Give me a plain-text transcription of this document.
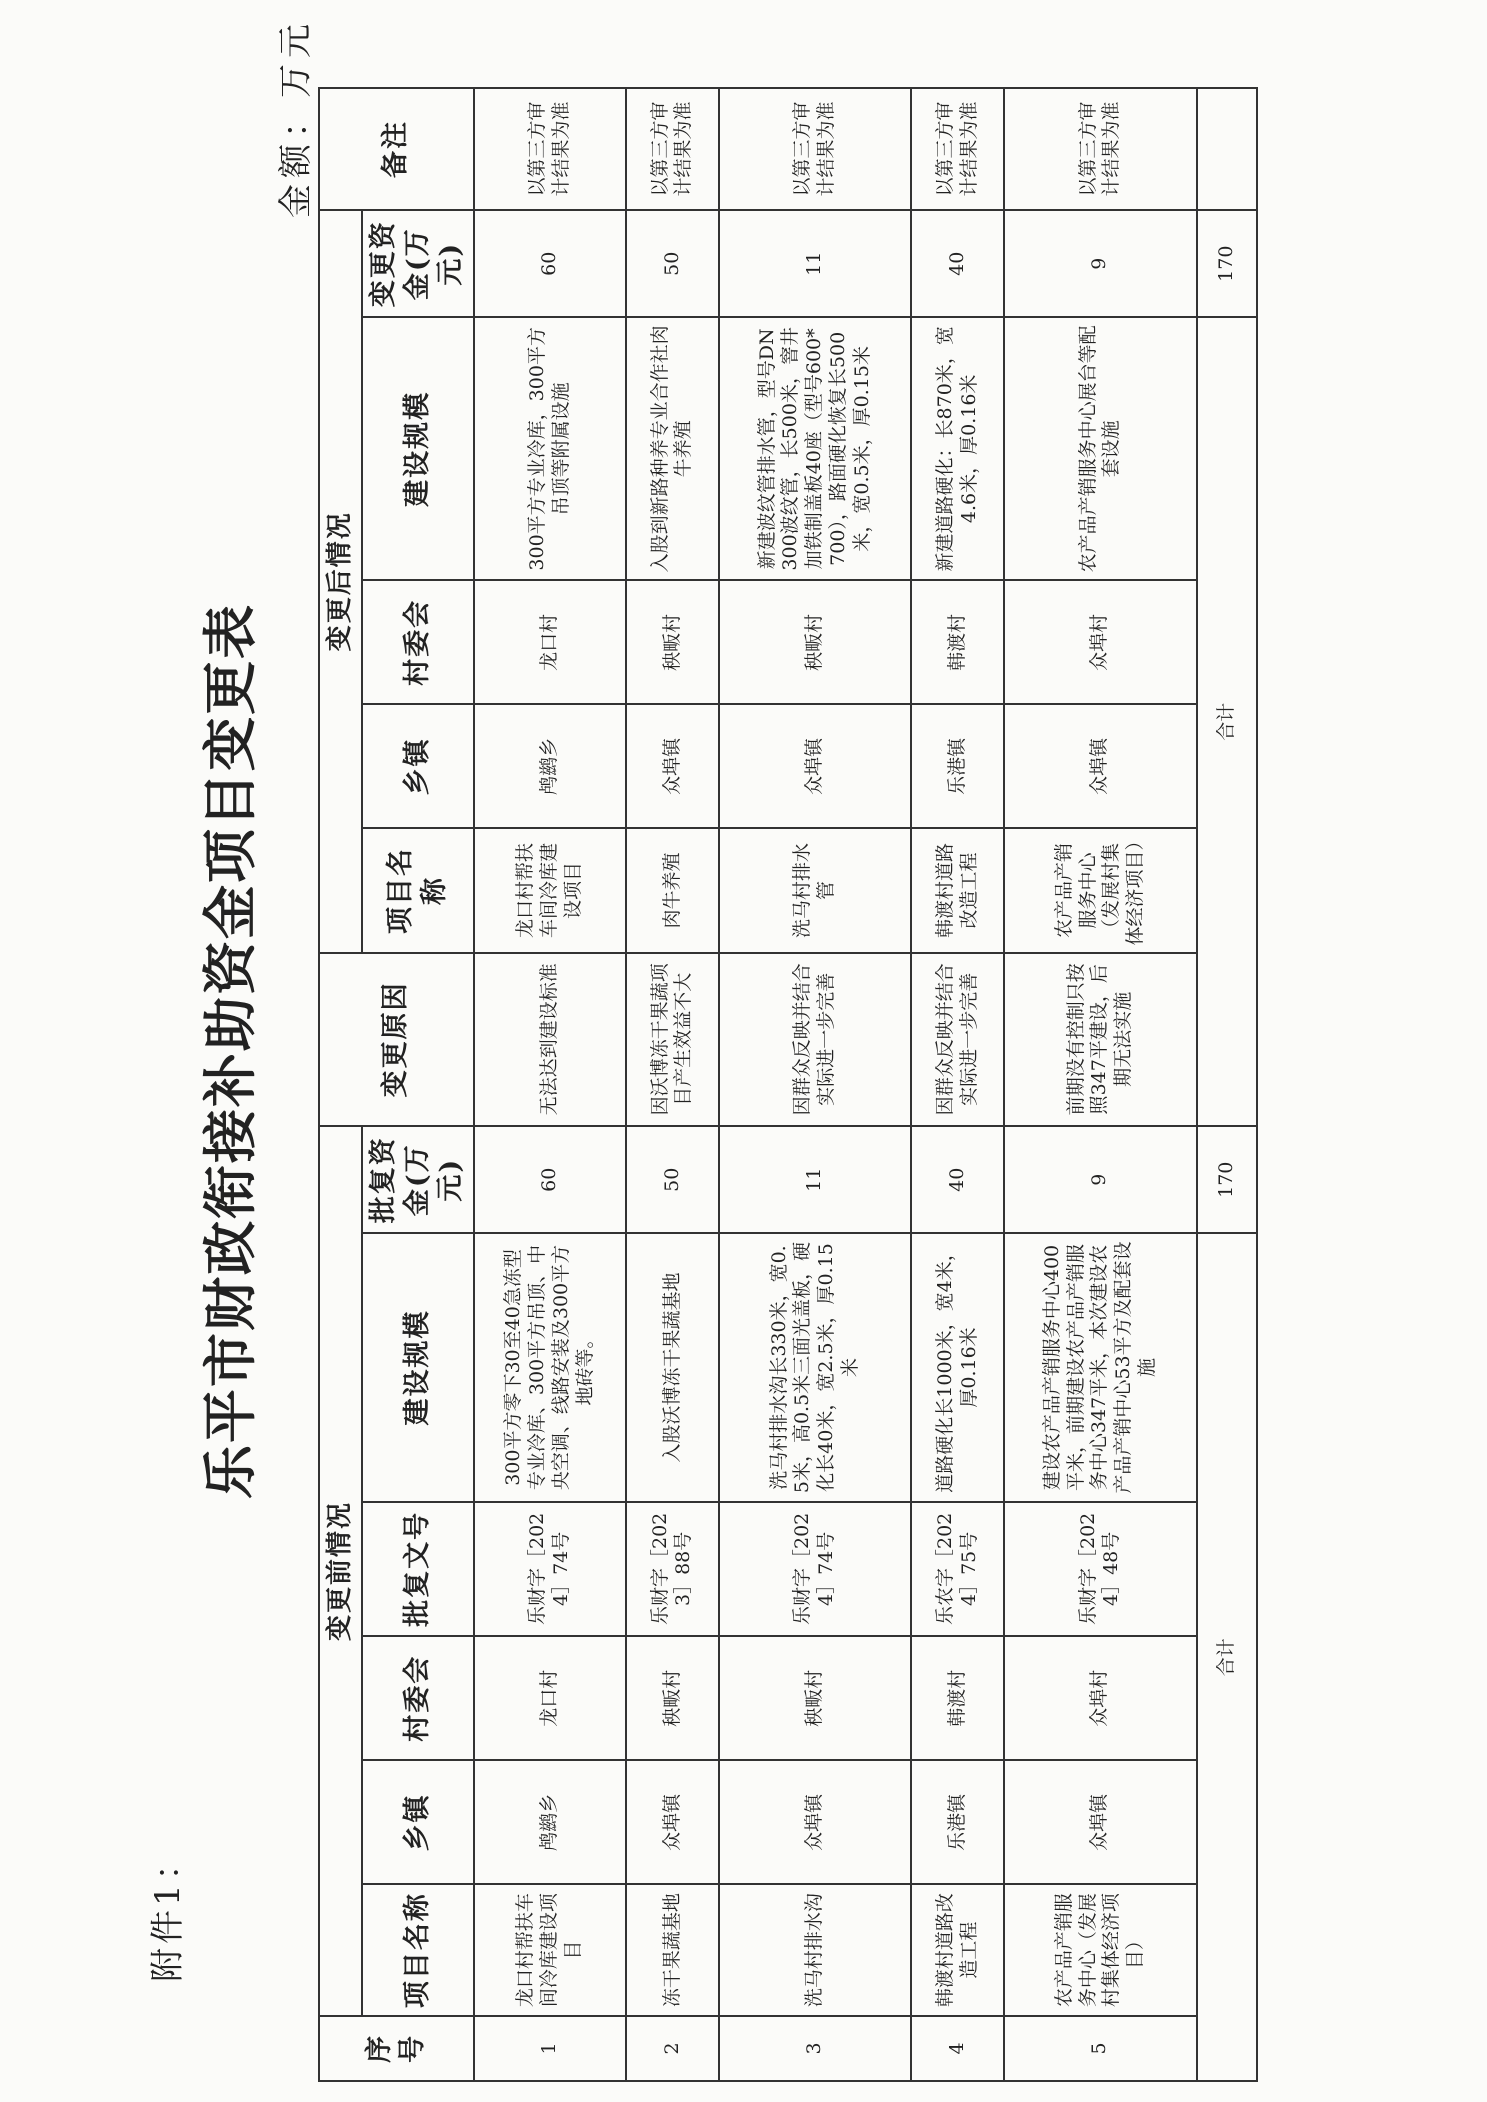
附件1：
乐平市财政衔接补助资金项目变更表
金额：万元
序号	变更前情况						变更原因	变更后情况					备注
	项目名称	乡镇	村委会	批复文号	建设规模	批复资金(万元)		项目名称	乡镇	村委会	建设规模	变更资金(万元)	
1	龙口村帮扶车间冷库建设项目	鸬鹚乡	龙口村	乐财字［2024］74号	300平方零下30至40急冻型专业冷库、300平方吊顶、中央空调、线路安装及300平方地砖等。	60	无法达到建设标准	龙口村帮扶车间冷库建设项目	鸬鹚乡	龙口村	300平方专业冷库，300平方吊顶等附属设施	60	以第三方审计结果为准
2	冻干果蔬基地	众埠镇	秧畈村	乐财字［2023］88号	入股沃博冻干果蔬基地	50	因沃博冻干果蔬项目产生效益不大	肉牛养殖	众埠镇	秧畈村	入股到新路种养专业合作社肉牛养殖	50	以第三方审计结果为准
3	洗马村排水沟	众埠镇	秧畈村	乐财字［2024］74号	洗马村排水沟长330米，宽0.5米，高0.5米三面光盖板，硬化长40米，宽2.5米，厚0.15米	11	因群众反映并结合实际进一步完善	洗马村排水管	众埠镇	秧畈村	新建波纹管排水管，型号DN300波纹管，长500米，窨井加铁制盖板40座（型号600*700），路面硬化恢复长500米，宽0.5米，厚0.15米	11	以第三方审计结果为准
4	韩渡村道路改造工程	乐港镇	韩渡村	乐农字［2024］75号	道路硬化长1000米，宽4米，厚0.16米	40	因群众反映并结合实际进一步完善	韩渡村道路改造工程	乐港镇	韩渡村	新建道路硬化：长870米，宽4.6米，厚0.16米	40	以第三方审计结果为准
5	农产品产销服务中心（发展村集体经济项目）	众埠镇	众埠村	乐财字［2024］48号	建设农产品产销服务中心400平米，前期建设农产品产销服务中心347平米，本次建设农产品产销中心53平方及配套设施	9	前期没有控制只按照347平建设，后期无法实施	农产品产销服务中心（发展村集体经济项目）	众埠镇	众埠村	农产品产销服务中心展台等配套设施	9	以第三方审计结果为准
合计						170	合计					170	
